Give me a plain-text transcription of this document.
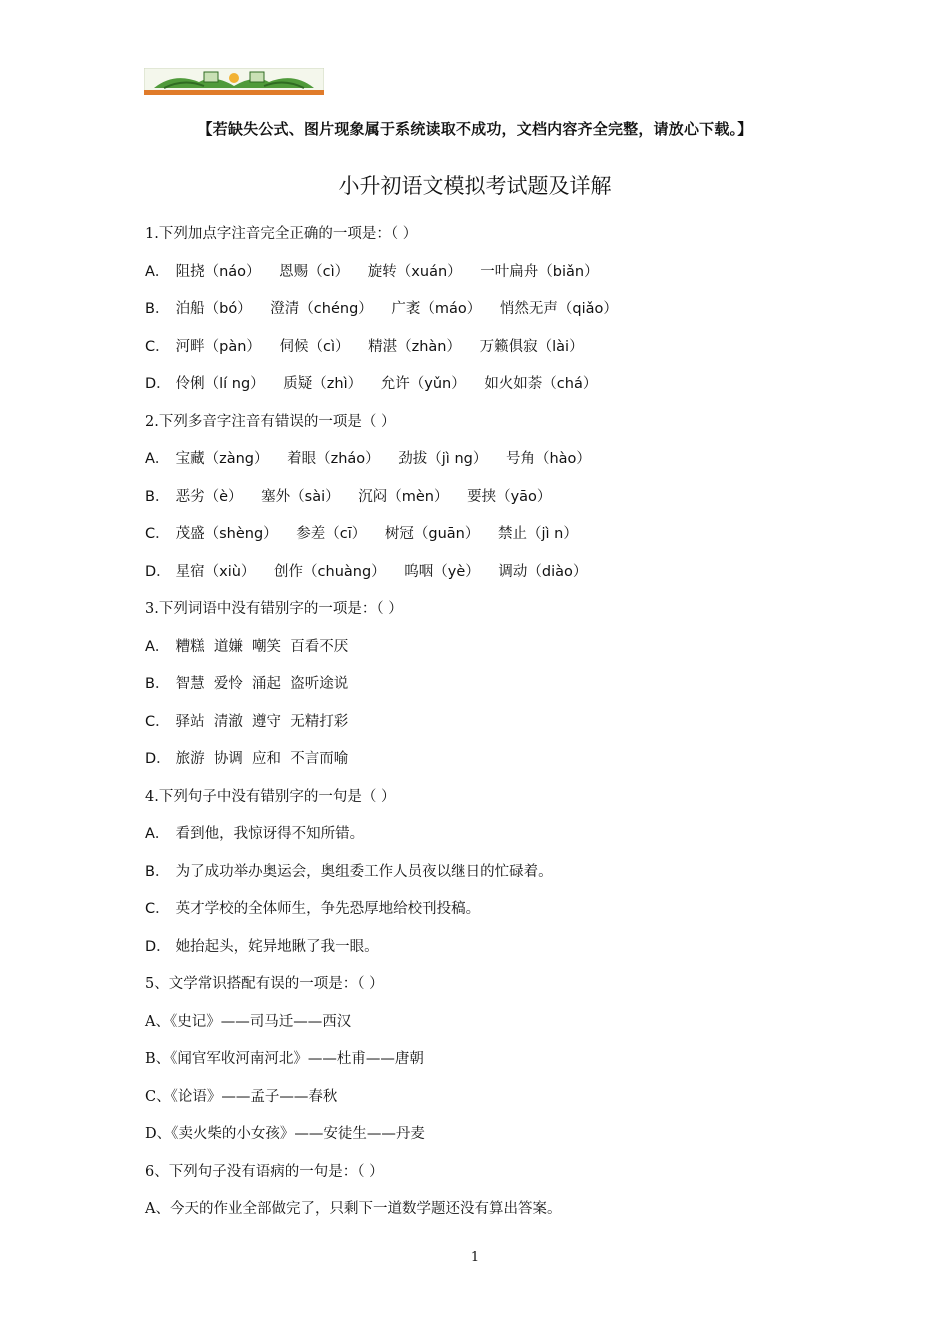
【若缺失公式、图片现象属于系统读取不成功，文档内容齐全完整，请放心下载。】
小升初语文模拟考试题及详解
1.下列加点字注音完全正确的一项是：（ ）
A． 阻挠（náo） 恩赐（cì） 旋转（xuán） 一叶扁舟（biǎn）
B． 泊船（bó） 澄清（chéng） 广袤（máo） 悄然无声（qiǎo）
C． 河畔（pàn） 伺候（cì） 精湛（zhàn） 万籁俱寂（lài）
D． 伶俐（lí ng） 质疑（zhì） 允许（yǔn） 如火如荼（chá）
2.下列多音字注音有错误的一项是（ ）
A． 宝藏（zàng） 着眼（zháo） 劲拔（jì ng） 号角（hào）
B． 恶劣（è） 塞外（sài） 沉闷（mèn） 要挟（yāo）
C． 茂盛（shèng） 参差（cī） 树冠（guān） 禁止（jì n）
D． 星宿（xiù） 创作（chuàng） 呜咽（yè） 调动（diào）
3.下列词语中没有错别字的一项是：（ ）
A． 糟糕  道嫌  嘲笑  百看不厌
B． 智慧  爱怜  涌起  盗听途说
C． 驿站  清澈  遵守  无精打彩
D． 旅游  协调  应和  不言而喻
4.下列句子中没有错别字的一句是（ ）
A． 看到他，我惊讶得不知所错。
B． 为了成功举办奥运会，奥组委工作人员夜以继日的忙碌着。
C． 英才学校的全体师生，争先恐厚地给校刊投稿。
D． 她抬起头，姹异地瞅了我一眼。
5、文学常识搭配有误的一项是：（ ）
A、《史记》——司马迁——西汉
B、《闻官军收河南河北》——杜甫——唐朝
C、《论语》——孟子——春秋
D、《卖火柴的小女孩》——安徒生——丹麦
6、下列句子没有语病的一句是：（ ）
A、今天的作业全部做完了，只剩下一道数学题还没有算出答案。
1
